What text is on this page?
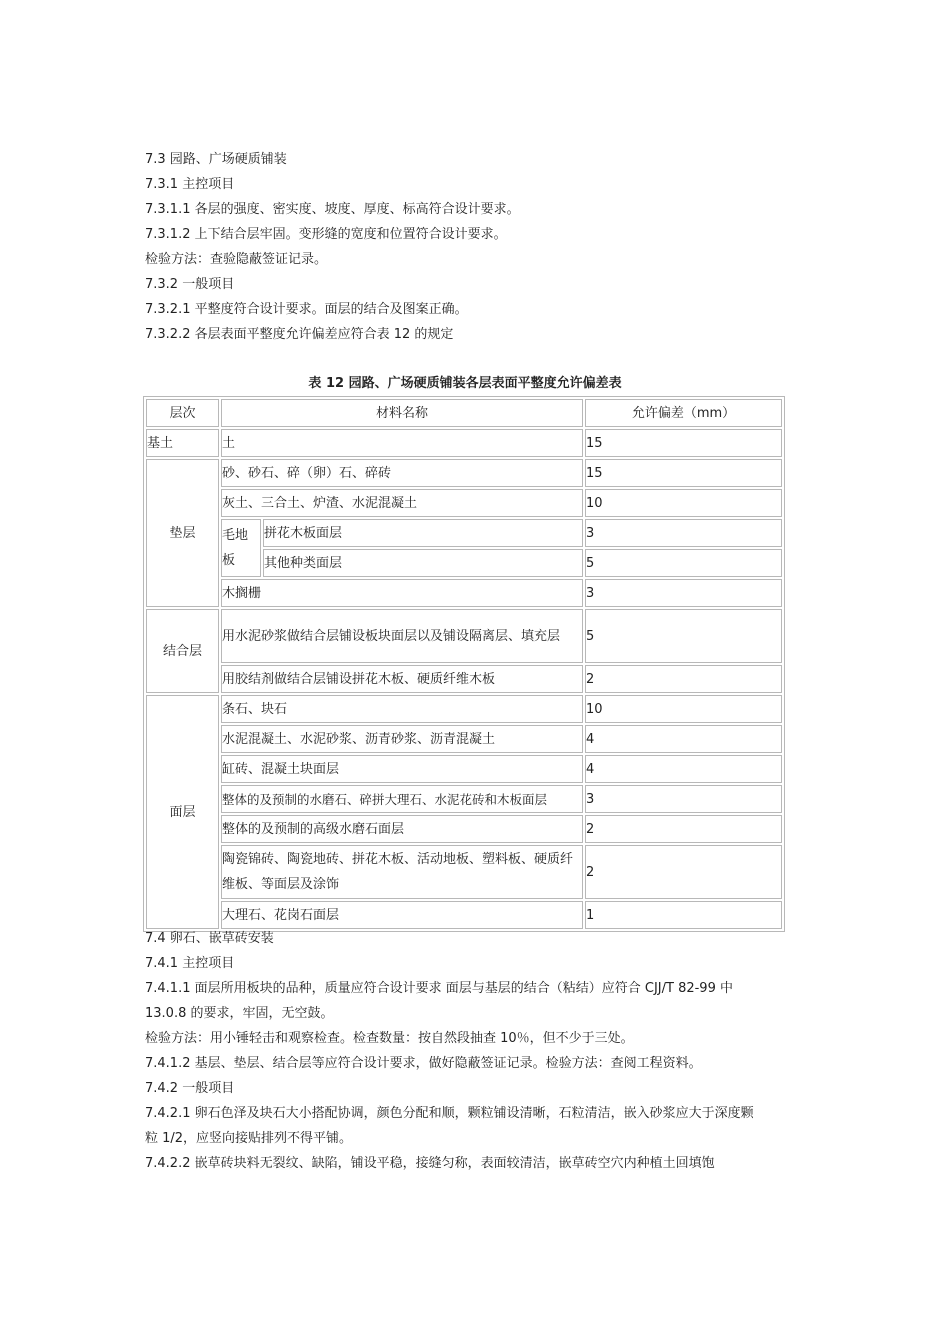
7.3 园路、广场硬质铺装

7.3.1 主控项目

7.3.1.1 各层的强度、密实度、坡度、厚度、标高符合设计要求。

7.3.1.2 上下结合层牢固。变形缝的宽度和位置符合设计要求。

检验方法：查验隐蔽签证记录。

7.3.2 一般项目

7.3.2.1 平整度符合设计要求。面层的结合及图案正确。

7.3.2.2 各层表面平整度允许偏差应符合表 12 的规定

表 12 园路、广场硬质铺装各层表面平整度允许偏差表
层次	材料名称		允许偏差（mm）
基土	土		15
垫层	砂、砂石、碎（卵）石、碎砖		15
	灰土、三合土、炉渣、水泥混凝土		10
	毛地板	拼花木板面层	3
		其他种类面层	5
	木搁栅		3
结合层	用水泥砂浆做结合层铺设板块面层以及铺设隔离层、填充层		5
	用胶结剂做结合层铺设拼花木板、硬质纤维木板		2
面层	条石、块石		10
	水泥混凝土、水泥砂浆、沥青砂浆、沥青混凝土		4
	缸砖、混凝土块面层		4
	整体的及预制的水磨石、碎拼大理石、水泥花砖和木板面层		3
	整体的及预制的高级水磨石面层		2
	陶瓷锦砖、陶瓷地砖、拼花木板、活动地板、塑料板、硬质纤维板、等面层及涂饰		2
	大理石、花岗石面层		1

7.4 卵石、嵌草砖安装

7.4.1 主控项目

7.4.1.1 面层所用板块的品种，质量应符合设计要求 面层与基层的结合（粘结）应符合 CJJ/T 82-99 中 13.0.8 的要求，牢固，无空鼓。

检验方法：用小锤轻击和观察检查。检查数量：按自然段抽查 10％，但不少于三处。

7.4.1.2 基层、垫层、结合层等应符合设计要求，做好隐蔽签证记录。检验方法：查阅工程资料。

7.4.2 一般项目

7.4.2.1 卵石色泽及块石大小搭配协调，颜色分配和顺，颗粒铺设清晰，石粒清洁，嵌入砂浆应大于深度颗粒 1/2，应竖向接贴排列不得平铺。

7.4.2.2 嵌草砖块料无裂纹、缺陷，铺设平稳，接缝匀称，表面较清洁，嵌草砖空穴内种植土回填饱
